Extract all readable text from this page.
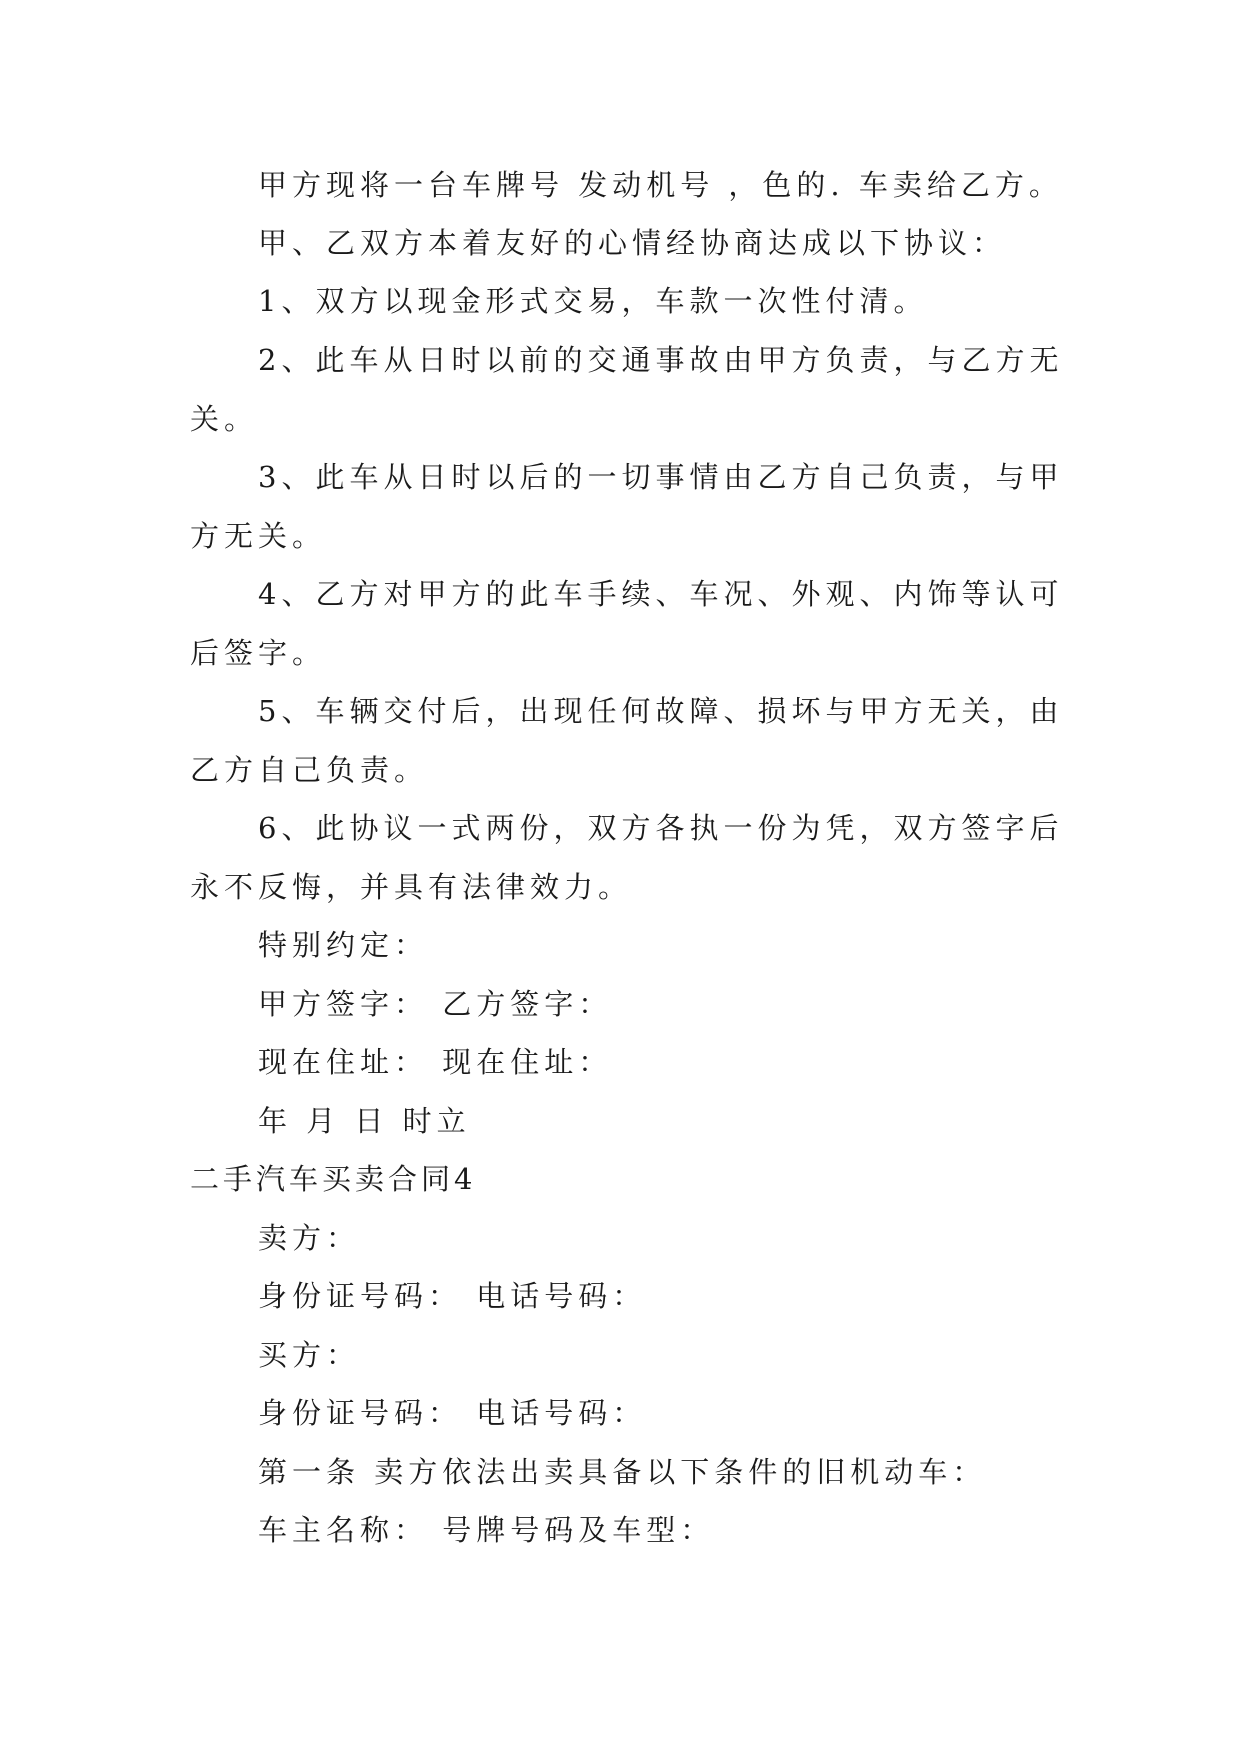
甲方现将一台车牌号 发动机号 ，色的. 车卖给乙方。
甲、乙双方本着友好的心情经协商达成以下协议：
1、双方以现金形式交易，车款一次性付清。
2、此车从日时以前的交通事故由甲方负责，与乙方无
关。
3、此车从日时以后的一切事情由乙方自己负责，与甲
方无关。
4、乙方对甲方的此车手续、车况、外观、内饰等认可
后签字。
5、车辆交付后，出现任何故障、损坏与甲方无关，由
乙方自己负责。
6、此协议一式两份，双方各执一份为凭，双方签字后
永不反悔，并具有法律效力。
特别约定：
甲方签字： 乙方签字：
现在住址： 现在住址：
年 月 日 时立
二手汽车买卖合同4
卖方：
身份证号码： 电话号码：
买方：
身份证号码： 电话号码：
第一条 卖方依法出卖具备以下条件的旧机动车：
车主名称： 号牌号码及车型：
